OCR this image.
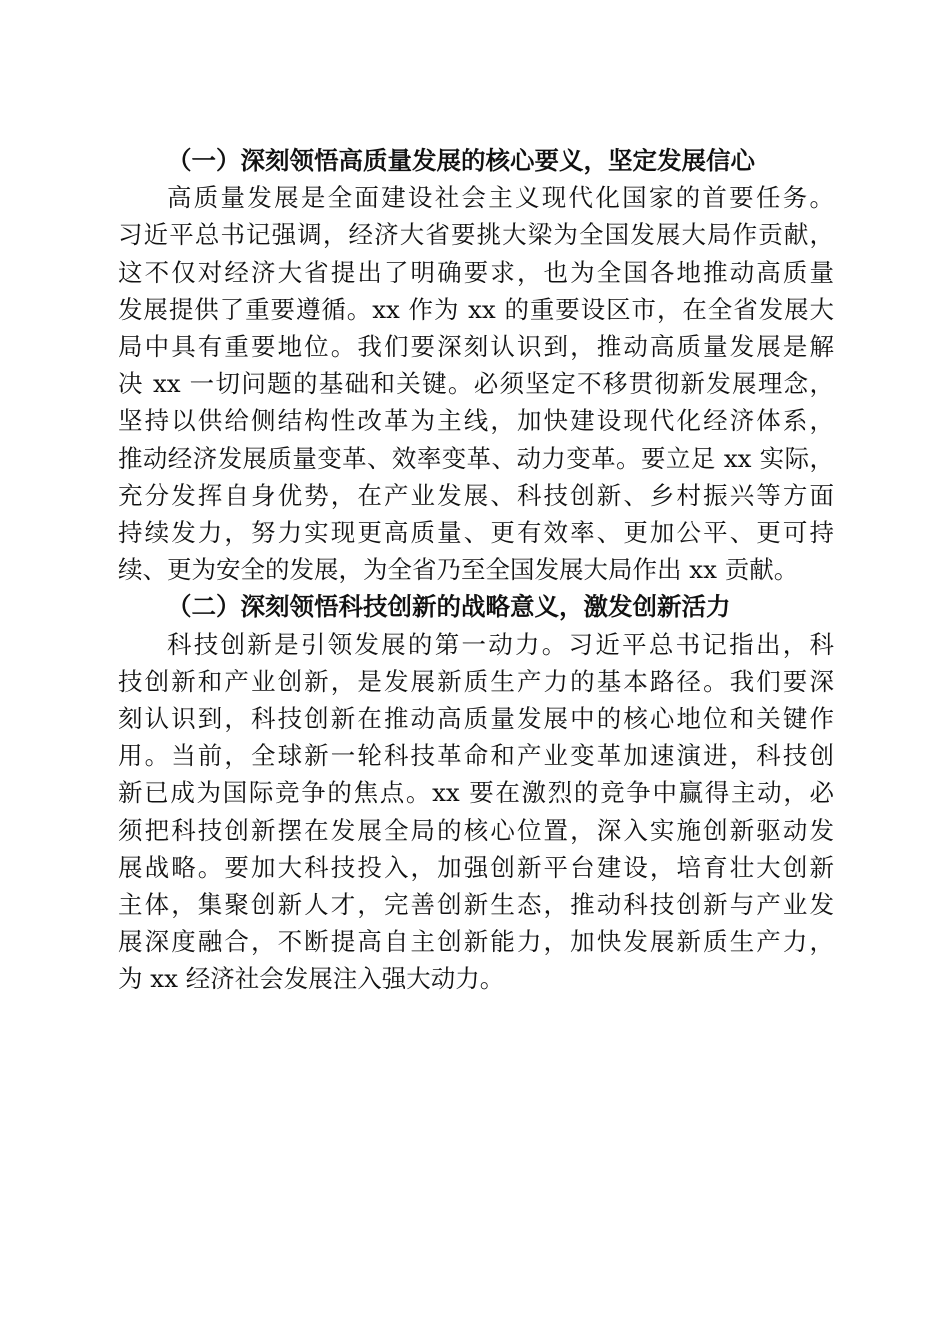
（一）深刻领悟高质量发展的核心要义，坚定发展信心
高质量发展是全面建设社会主义现代化国家的首要任务。
习近平总书记强调，经济大省要挑大梁为全国发展大局作贡献，
这不仅对经济大省提出了明确要求，也为全国各地推动高质量
发展提供了重要遵循。xx 作为 xx 的重要设区市，在全省发展大
局中具有重要地位。我们要深刻认识到，推动高质量发展是解
决 xx 一切问题的基础和关键。必须坚定不移贯彻新发展理念，
坚持以供给侧结构性改革为主线，加快建设现代化经济体系，
推动经济发展质量变革、效率变革、动力变革。要立足 xx 实际，
充分发挥自身优势，在产业发展、科技创新、乡村振兴等方面
持续发力，努力实现更高质量、更有效率、更加公平、更可持
续、更为安全的发展，为全省乃至全国发展大局作出 xx 贡献。
（二）深刻领悟科技创新的战略意义，激发创新活力
科技创新是引领发展的第一动力。习近平总书记指出，科
技创新和产业创新，是发展新质生产力的基本路径。我们要深
刻认识到，科技创新在推动高质量发展中的核心地位和关键作
用。当前，全球新一轮科技革命和产业变革加速演进，科技创
新已成为国际竞争的焦点。xx 要在激烈的竞争中赢得主动，必
须把科技创新摆在发展全局的核心位置，深入实施创新驱动发
展战略。要加大科技投入，加强创新平台建设，培育壮大创新
主体，集聚创新人才，完善创新生态，推动科技创新与产业发
展深度融合，不断提高自主创新能力，加快发展新质生产力，
为 xx 经济社会发展注入强大动力。
